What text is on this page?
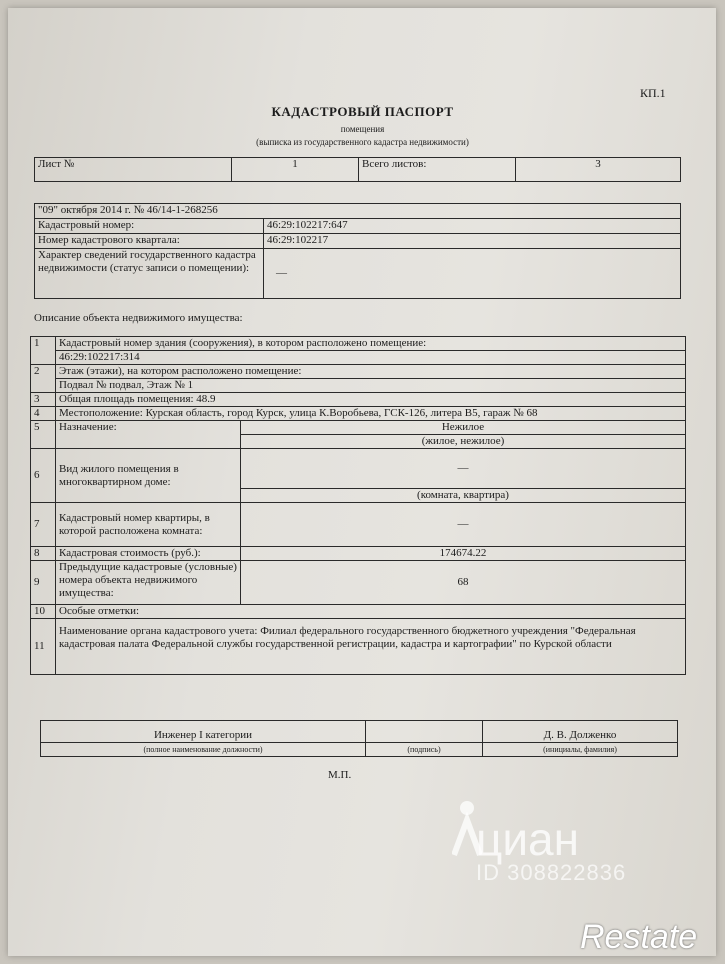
КП.1
КАДАСТРОВЫЙ ПАСПОРТ
помещения
(выписка из государственного кадастра недвижимости)
Лист №	1	Всего листов:	3
"09" октября 2014 г. № 46/14-1-268256	
Кадастровый номер:	46:29:102217:647
Номер кадастрового квартала:	46:29:102217
Характер сведений государственного кадастра недвижимости (статус записи о помещении):	—
Описание объекта недвижимого имущества:
1	Кадастровый номер здания (сооружения), в котором расположено помещение:	
	46:29:102217:314	
2	Этаж (этажи), на котором расположено помещение:	
	Подвал № подвал, Этаж № 1	
3	Общая площадь помещения: 48.9	
4	Местоположение: Курская область, город Курск, улица К.Воробьева, ГСК-126, литера В5, гараж № 68	
5	Назначение:	Нежилое
		(жилое, нежилое)
6	Вид жилого помещения в многоквартирном доме:	—
		(комната, квартира)
7	Кадастровый номер квартиры, в которой расположена комната:	—
8	Кадастровая стоимость (руб.):	174674.22
9	Предыдущие кадастровые (условные) номера объекта недвижимого имущества:	68
10	Особые отметки:	
11	Наименование органа кадастрового учета: Филиал федерального государственного бюджетного учреждения "Федеральная кадастровая палата Федеральной службы государственной регистрации, кадастра и картографии" по Курской области	
Инженер I категории		Д. В. Долженко
(полное наименование должности)	(подпись)	(инициалы, фамилия)
М.П.
циан
ID 308822836
Restate
